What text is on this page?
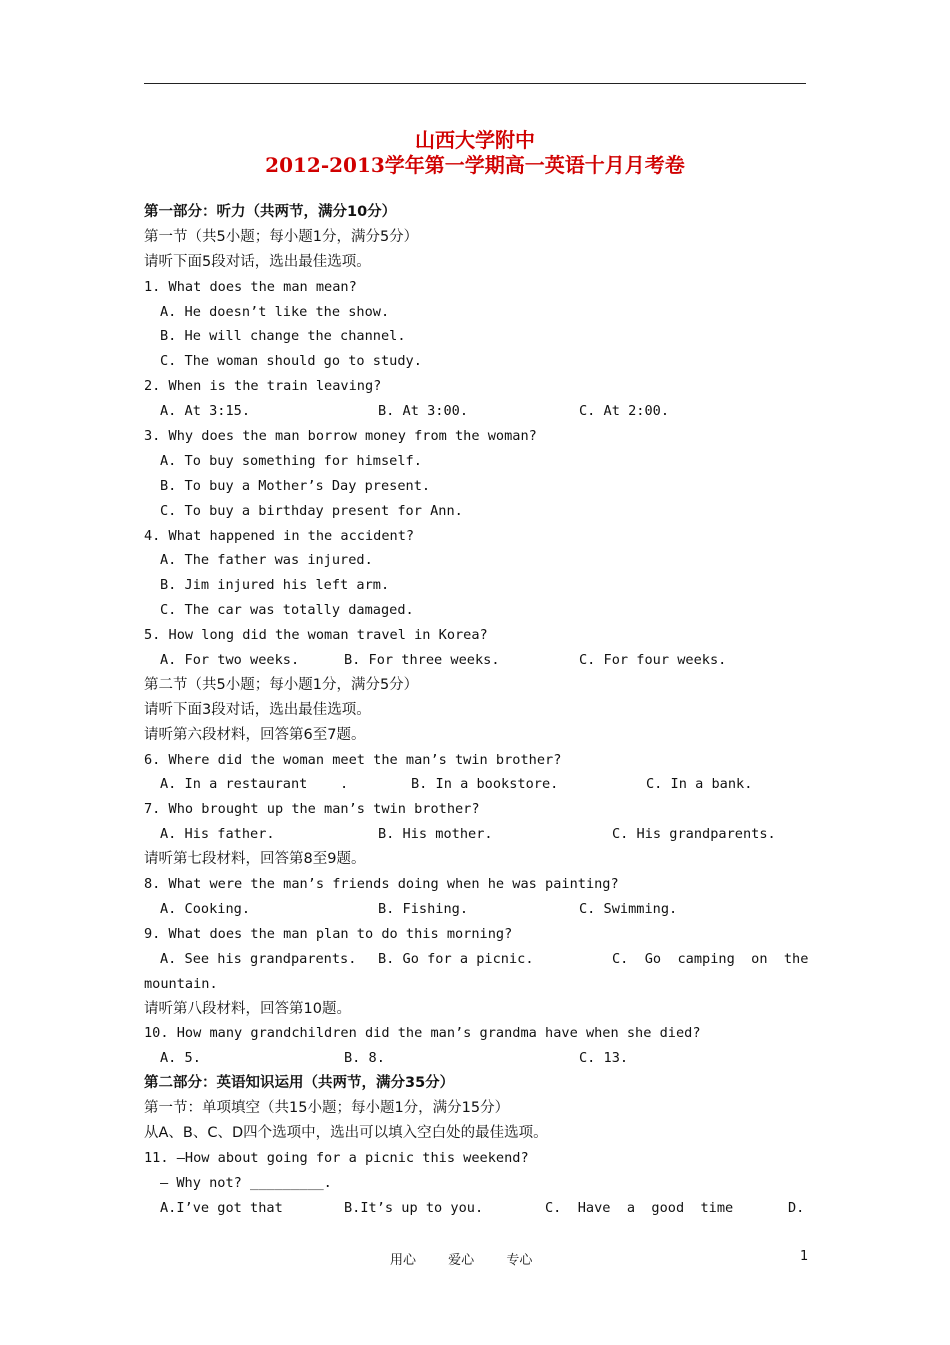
山西大学附中
2012-2013学年第一学期高一英语十月月考卷
第一部分：听力（共两节，满分10分）
第一节（共5小题；每小题1分，满分5分）
请听下面5段对话，选出最佳选项。
1. What does the man mean?
A. He doesn’t like the show.
B. He will change the channel.
C. The woman should go to study.
2. When is the train leaving?

A. At 3:15.

	B. At 3:00.

	C. At 2:00.

3. Why does the man borrow money from the woman?
A. To buy something for himself.
B. To buy a Mother’s Day present.
C. To buy a birthday present for Ann.
4. What happened in the accident?
A. The father was injured.
B. Jim injured his left arm.
C. The car was totally damaged.
5. How long did the woman travel in Korea?

A. For two weeks.

	B. For three weeks.

	C. For four weeks.

第二节（共5小题；每小题1分，满分5分）
请听下面3段对话，选出最佳选项。
请听第六段材料，回答第6至7题。
6. Where did the woman meet the man’s twin brother?

A. In a restaurant    .

	B. In a bookstore.

	C. In a bank.

7. Who brought up the man’s twin brother?

A. His father.

	B. His mother.

	C. His grandparents.

请听第七段材料，回答第8至9题。
8. What were the man’s friends doing when he was painting?

A. Cooking.

	B. Fishing.

	C. Swimming.

9. What does the man plan to do this morning?

A. See his grandparents.

B. Go for a picnic.

	C.  Go  camping  on  the

mountain.
请听第八段材料，回答第10题。
10. How many grandchildren did the man’s grandma have when she died?

A. 5.

	B. 8.

	C. 13.

第二部分：英语知识运用（共两节，满分35分）
第一节：单项填空（共15小题；每小题1分，满分15分）
从A、B、C、D四个选项中，选出可以填入空白处的最佳选项。
11. —How about going for a picnic this weekend?
— Why not? _________.

A.I’ve got that

	B.It’s up to you.

	C.  Have  a  good  time

	D.

用心 爱心 专心	1
